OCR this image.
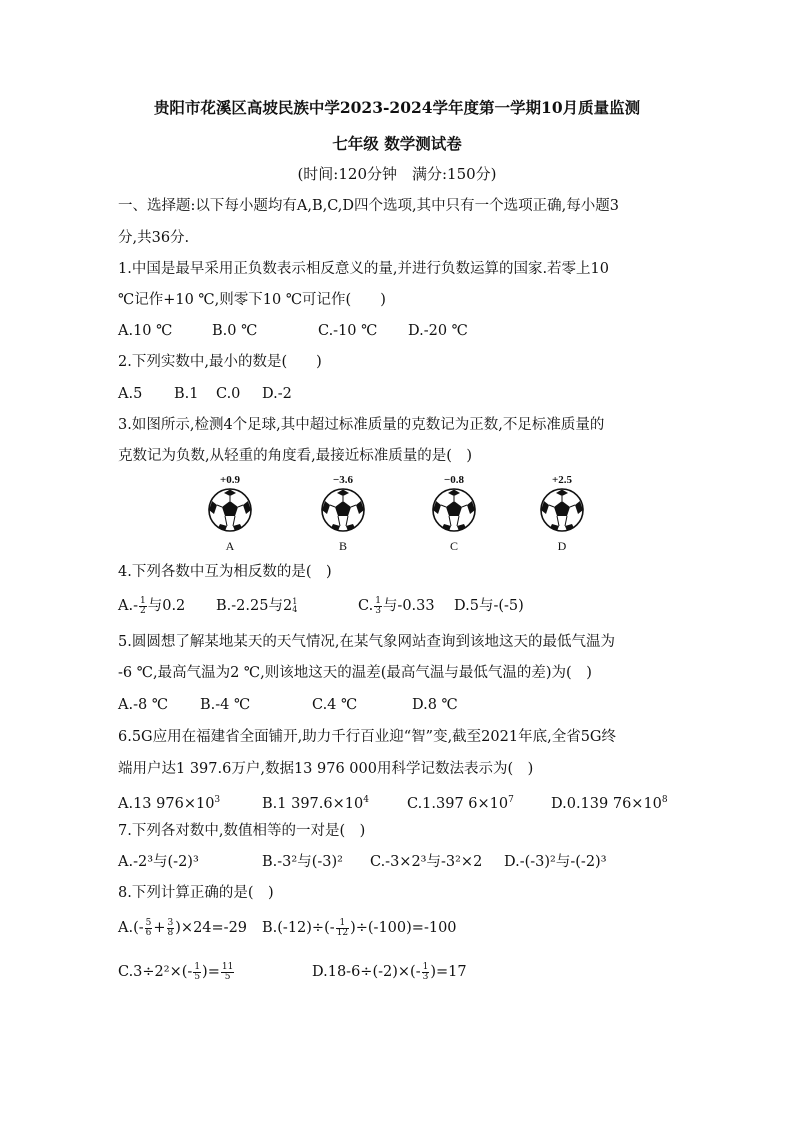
贵阳市花溪区高坡民族中学2023-2024学年度第一学期10月质量监测
七年级 数学测试卷
(时间:120分钟　满分:150分)
一、选择题:以下每小题均有A,B,C,D四个选项,其中只有一个选项正确,每小题3
分,共36分.
1.中国是最早采用正负数表示相反意义的量,并进行负数运算的国家.若零上10
℃记作+10 ℃,则零下10 ℃可记作(　　)
A.10 ℃	B.0 ℃	C.-10 ℃ D.-20 ℃
2.下列实数中,最小的数是(　　)
A.5 B.1 C.0 D.-2
3.如图所示,检测4个足球,其中超过标准质量的克数记为正数,不足标准质量的
克数记为负数,从轻重的角度看,最接近标准质量的是(　)
+0.9
A
−3.6
B
−0.8
C
+2.5
D
4.下列各数中互为相反数的是(　)
$A.- \frac{1}{2}$ 与0.2 B.-2.25与2 1
4	C. $\frac{1}{3}$ 与-0.33 D.5与-(-5)
5.圆圆想了解某地某天的天气情况,在某气象网站查询到该地这天的最低气温为
-6 ℃,最高气温为2 ℃,则该地这天的温差(最高气温与最低气温的差)为(　)
A.-8 ℃ B.-4 ℃	C.4 ℃	D.8 ℃
6.5G应用在福建省全面铺开,助力千行百业迎“智”变,截至2021年底,全省5G终
端用户达1 397.6万户,数据13 976 000用科学记数法表示为(　)
A.13 $976\times 10^3$	B.1 $397.6\times 10^4$	C.1.397 $6\times 10^7$	D.0.139 $76\times 10^8$
7.下列各对数中,数值相等的一对是(　)
A.-2³与(-2)³	B.-3²与(-3)² C.-3×2³与-3²×2 D.-(-3)²与-(-2)³
8.下列计算正确的是(　)
$A.(- \frac{5}{6} + \frac{3}{8} )\times 24=-29$ $B.(-12)\div(- \frac{1}{12} )\div(-100)=-100$
$C.3\div 2^2\times(- \frac{1}{5}$ )= $\frac{11}{5}$	$D.18-6\div(-2)\times(- \frac{1}{3} )=17$
